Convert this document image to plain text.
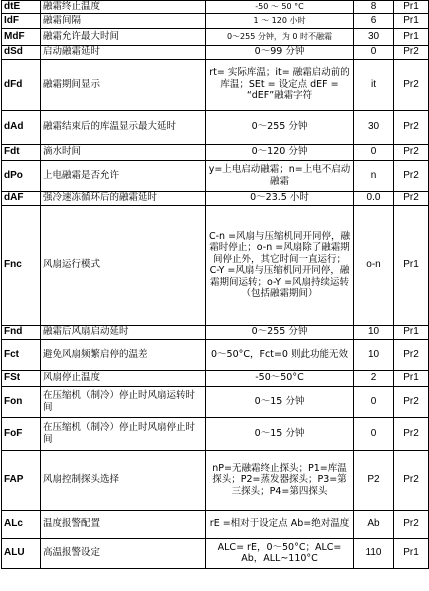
dtE	融霜终止温度	-50 ～ 50 °C	8	Pr1
IdF	融霜间隔	1 ～ 120 小时	6	Pr1
MdF	融霜允许最大时间	0～255 分钟，为 0 时不融霜	30	Pr1
dSd	启动融霜延时	0～99 分钟	0	Pr2
dFd	融霜期间显示	rt= 实际库温；it= 融霜启动前的库温；SEt = 设定点 dEF = “dEF”融霜字符	it	Pr2
dAd	融霜结束后的库温显示最大延时	0～255 分钟	30	Pr2
Fdt	滴水时间	0～120 分钟	0	Pr2
dPo	上电融霜是否允许	y=上电启动融霜；n=上电不启动融霜	n	Pr2
dAF	强冷速冻循环后的融霜延时	0～23.5 小时	0.0	Pr2
Fnc	风扇运行模式	C-n =风扇与压缩机同开同停，融霜时停止；o-n =风扇除了融霜期间停止外，其它时间一直运行；C-Y =风扇与压缩机同开同停，融霜期间运转；o-Y =风扇持续运转（包括融霜期间）	o-n	Pr1
Fnd	融霜后风扇启动延时	0～255 分钟	10	Pr1
Fct	避免风扇频繁启停的温差	0～50°C，Fct=0 则此功能无效	10	Pr2
FSt	风扇停止温度	-50～50°C	2	Pr1
Fon	在压缩机（制冷）停止时风扇运转时间	0～15 分钟	0	Pr2
FoF	在压缩机（制冷）停止时风扇停止时间	0～15 分钟	0	Pr2
FAP	风扇控制探头选择	nP=无融霜终止探头；P1=库温探头；P2=蒸发器探头；P3=第三探头；P4=第四探头	P2	Pr2
ALc	温度报警配置	rE =相对于设定点 Ab=绝对温度	Ab	Pr2
ALU	高温报警设定	ALC= rE，0～50°C；ALC= Ab，ALL~110°C	110	Pr1
